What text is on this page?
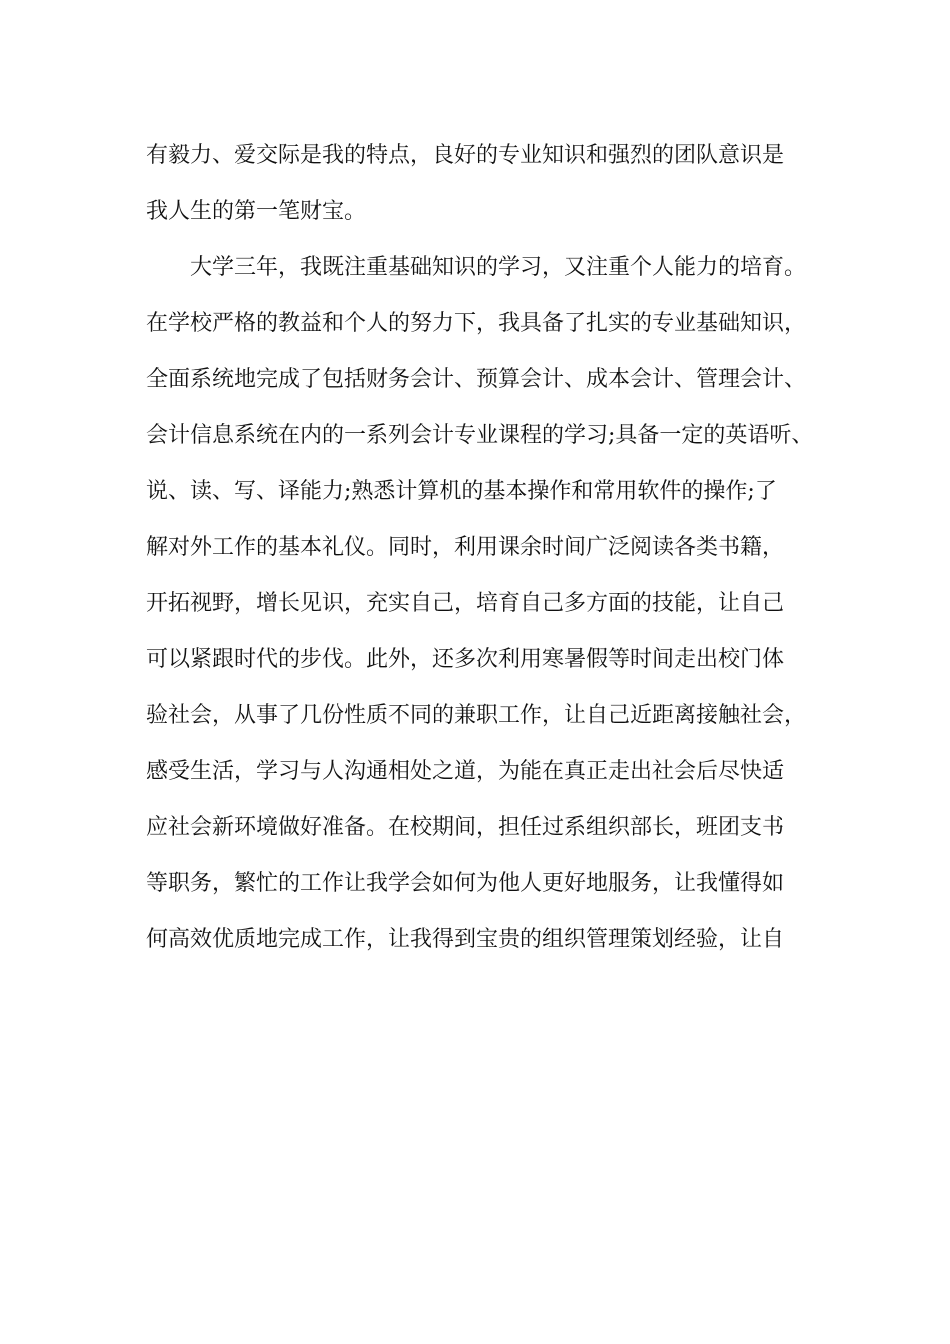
有毅力、爱交际是我的特点，良好的专业知识和强烈的团队意识是
我人生的第一笔财宝。
大学三年，我既注重基础知识的学习，又注重个人能力的培育。
在学校严格的教益和个人的努力下，我具备了扎实的专业基础知识，
全面系统地完成了包括财务会计、预算会计、成本会计、管理会计、
会计信息系统在内的一系列会计专业课程的学习;具备一定的英语听、
说、读、写、译能力;熟悉计算机的基本操作和常用软件的操作;了
解对外工作的基本礼仪。同时，利用课余时间广泛阅读各类书籍，
开拓视野，增长见识，充实自己，培育自己多方面的技能，让自己
可以紧跟时代的步伐。此外，还多次利用寒暑假等时间走出校门体
验社会，从事了几份性质不同的兼职工作，让自己近距离接触社会，
感受生活，学习与人沟通相处之道，为能在真正走出社会后尽快适
应社会新环境做好准备。在校期间，担任过系组织部长，班团支书
等职务，繁忙的工作让我学会如何为他人更好地服务，让我懂得如
何高效优质地完成工作，让我得到宝贵的组织管理策划经验，让自
